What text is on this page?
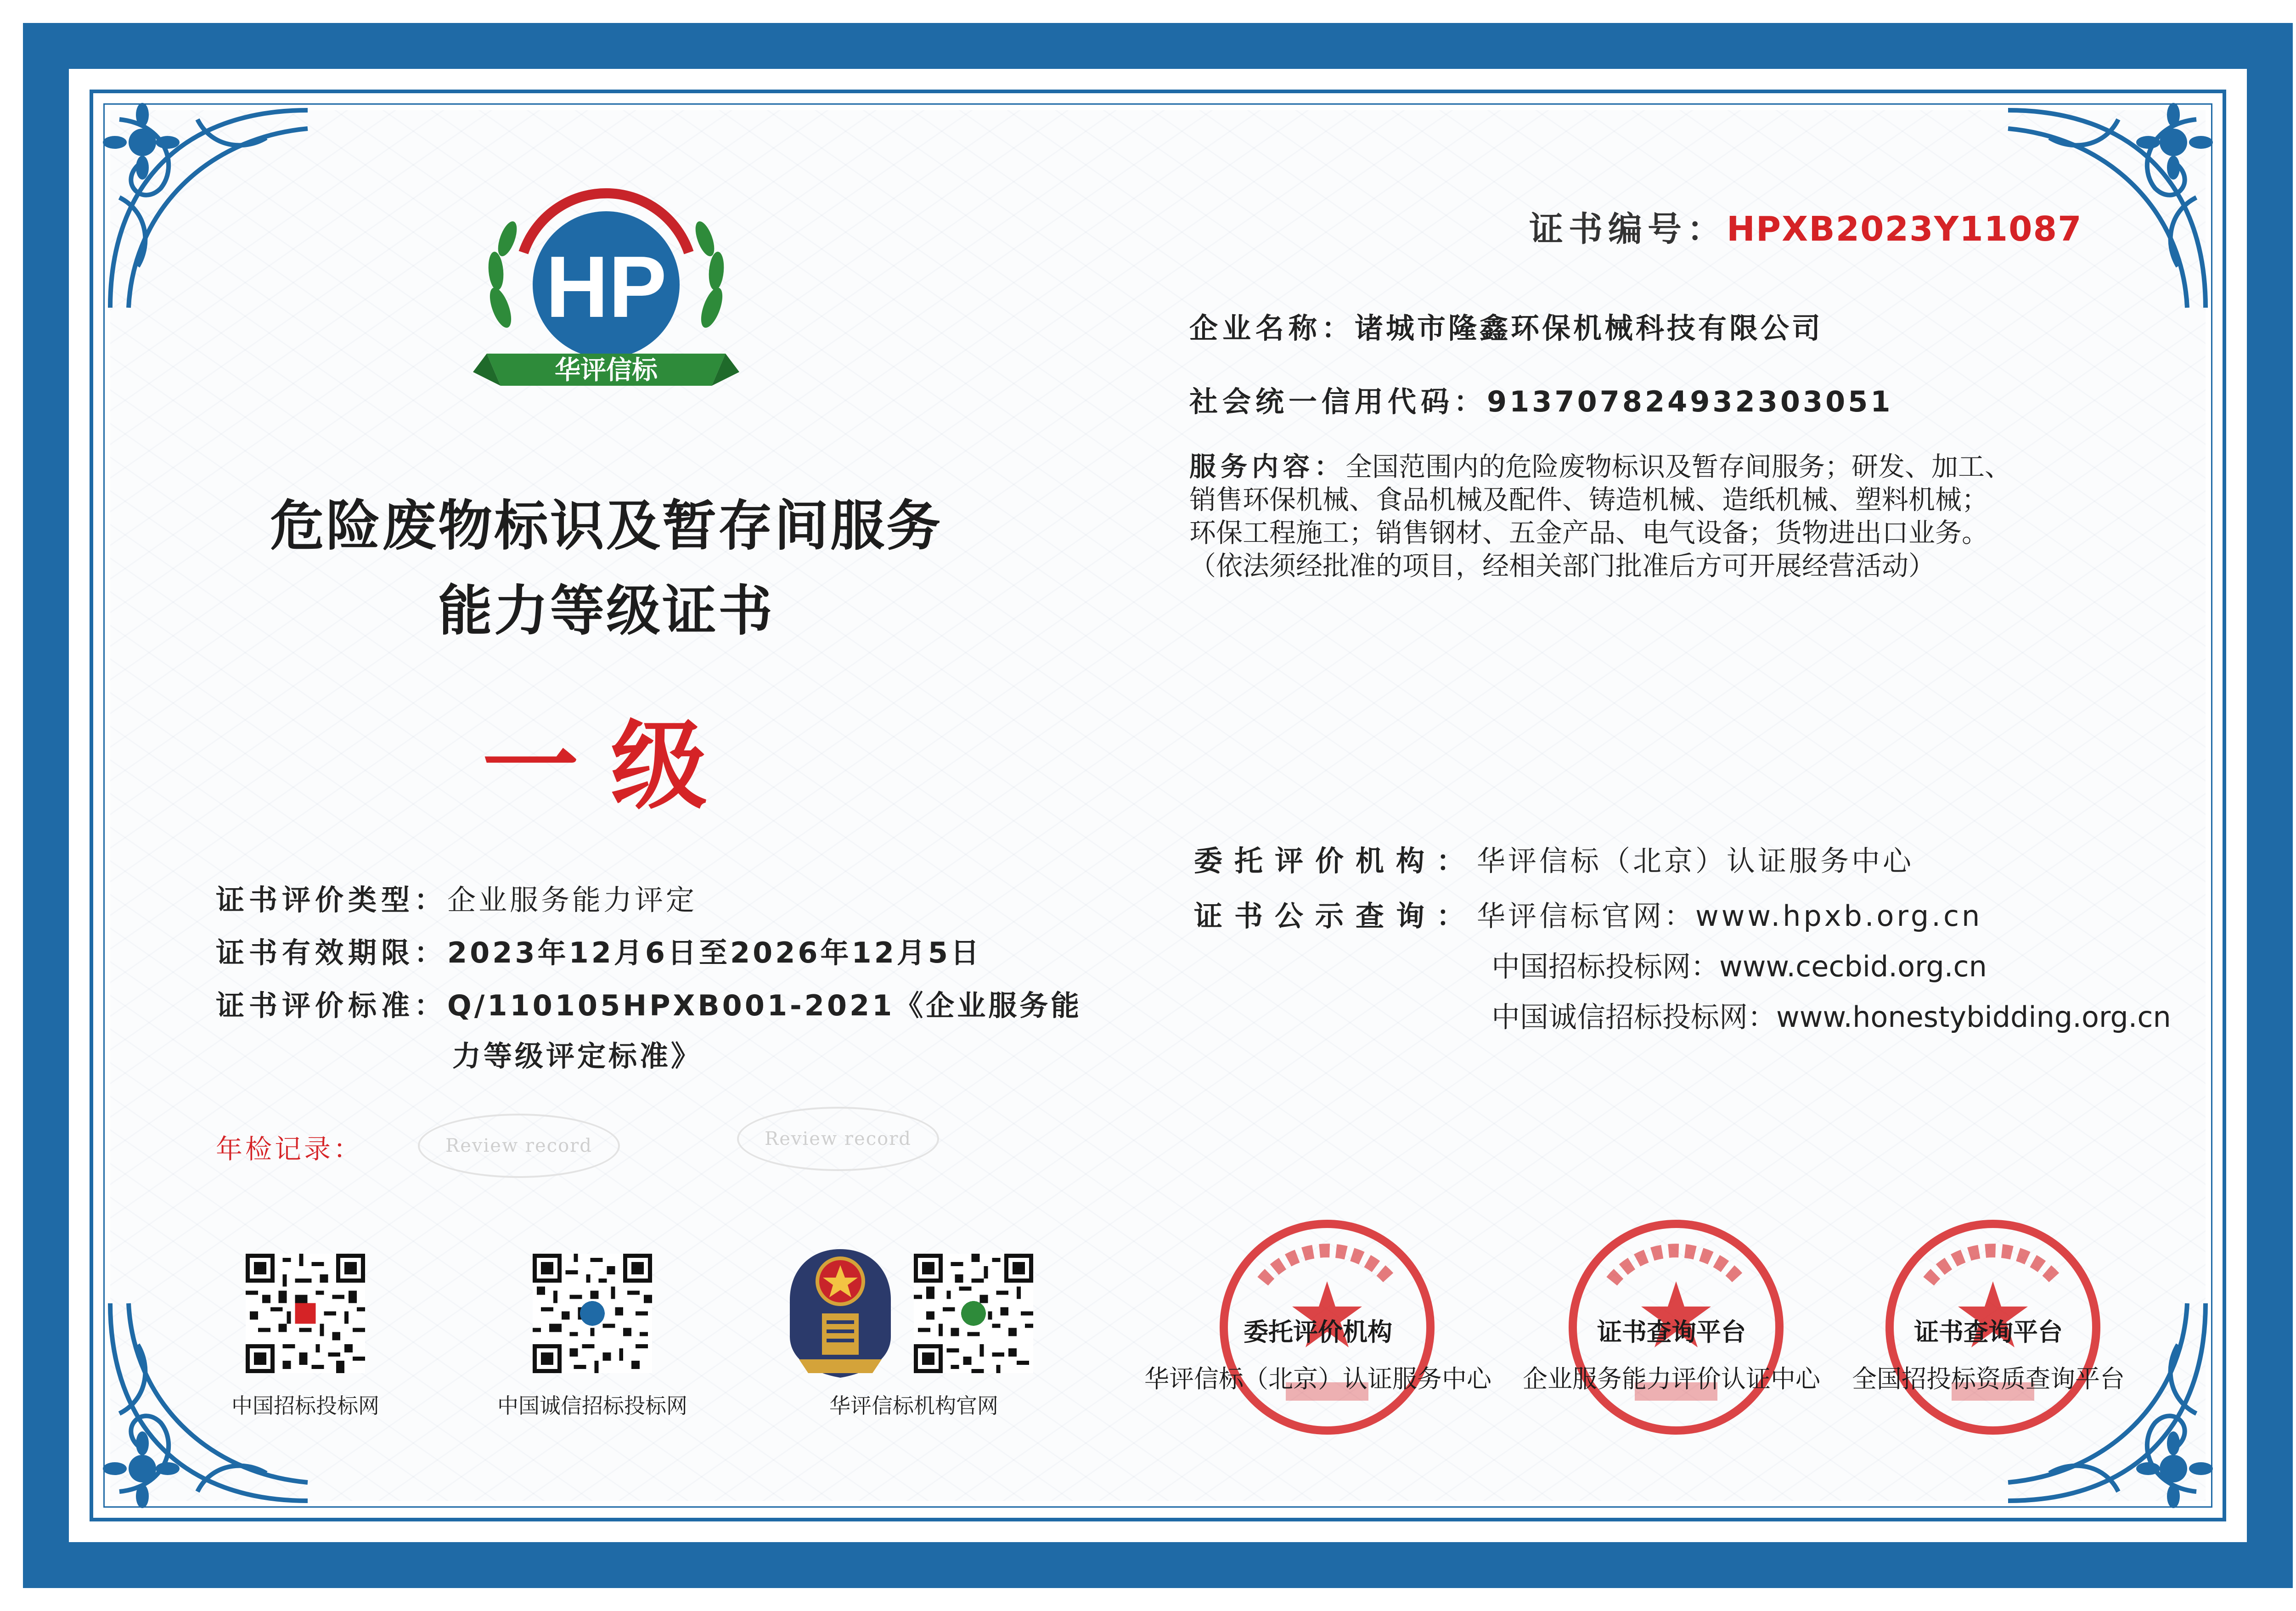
HP
华评信标
危险废物标识及暂存间服务
能力等级证书
一级
证书编号：HPXB2023Y11087
企业名称：诸城市隆鑫环保机械科技有限公司
社会统一信用代码：913707824932303051
服务内容：全国范围内的危险废物标识及暂存间服务；研发、加工、
销售环保机械、食品机械及配件、铸造机械、造纸机械、塑料机械；
环保工程施工；销售钢材、五金产品、电气设备；货物进出口业务。
（依法须经批准的项目，经相关部门批准后方可开展经营活动）
委托评价机构：华评信标（北京）认证服务中心
证书公示查询：华评信标官网：www.hpxb.org.cn
中国招标投标网：www.cecbid.org.cn
中国诚信招标投标网：www.honestybidding.org.cn
证书评价类型：企业服务能力评定
证书有效期限：2023年12月6日至2026年12月5日
证书评价标准：Q/110105HPXB001-2021《企业服务能
力等级评定标准》
年检记录：	Review record	Review record
中国招标投标网	中国诚信招标投标网	华评信标机构官网
委托评价机构
华评信标（北京）认证服务中心
证书查询平台
企业服务能力评价认证中心
证书查询平台
全国招投标资质查询平台
